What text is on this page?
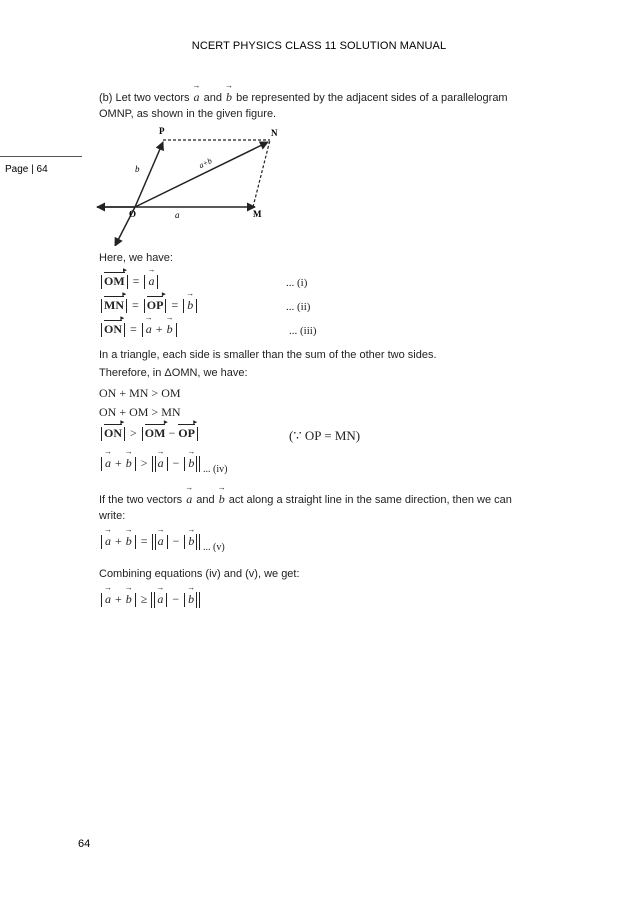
NCERT PHYSICS CLASS 11 SOLUTION MANUAL
Page | 64
(b) Let two vectors → a and → b be represented by the adjacent sides of a parallelogram
OMNP, as shown in the given figure.
P	N
O	M
b
a
a+b
Here, we have:
OM ▸ = → a	... (i)
MN ▸ = OP ▸ = → b	... (ii)
ON ▸ = → a + → b	... (iii)
In a triangle, each side is smaller than the sum of the other two sides.
Therefore, in ΔOMN, we have:
ON + MN > OM
ON + OM > MN
ON ▸ > OM ▸ − OP ▸	(∵ OP = MN)
→ a + → b > → a − → b ... (iv)
If the two vectors → a and → b act along a straight line in the same direction, then we can
write:
→ a + → b = → a − → b ... (v)
Combining equations (iv) and (v), we get:
→ a + → b ≥ → a − → b
64
